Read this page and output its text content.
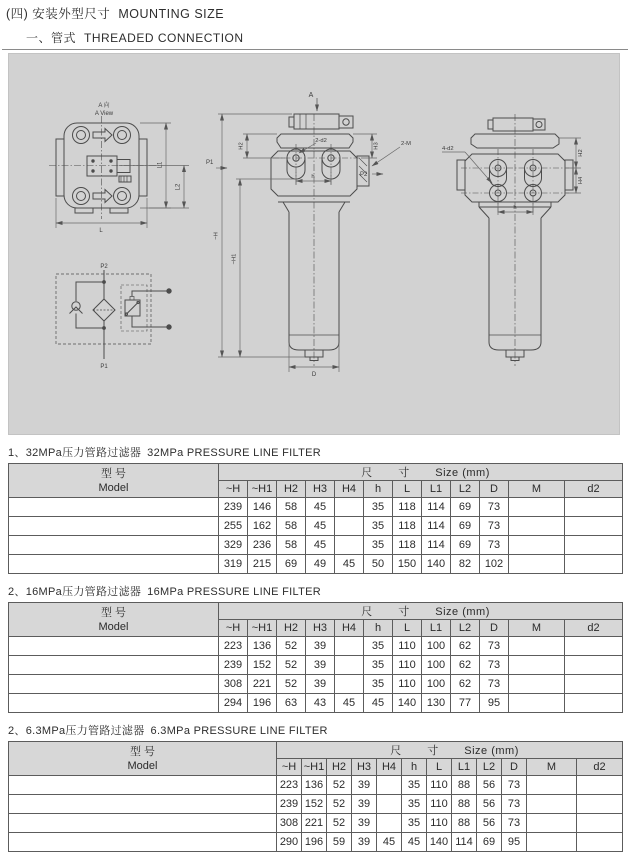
(四) 安装外型尺寸 MOUNTING SIZE
一、管式 THREADED CONNECTION
A 向
A View
L1
L2
L
P2
P1
A
2-d2
H2
P1
~H
~H1
h
H3	2-M
P2
D
4-d2
H2
H4
h
1、32MPa压力管路过滤器 32MPa PRESSURE LINE FILTER
型 号
Model	尺寸Size (mm)											
	~H	~H1	H2	H3	H4	h	L	L1	L2	D	M	d2
	239	146	58	45		35	118	114	69	73		
	255	162	58	45		35	118	114	69	73		
	329	236	58	45		35	118	114	69	73		
	319	215	69	49	45	50	150	140	82	102		
2、16MPa压力管路过滤器 16MPa PRESSURE LINE FILTER
型 号
Model	尺寸Size (mm)											
	~H	~H1	H2	H3	H4	h	L	L1	L2	D	M	d2
	223	136	52	39		35	110	100	62	73		
	239	152	52	39		35	110	100	62	73		
	308	221	52	39		35	110	100	62	73		
	294	196	63	43	45	45	140	130	77	95		
2、6.3MPa压力管路过滤器 6.3MPa PRESSURE LINE FILTER
型 号
Model	尺寸Size (mm)											
	~H	~H1	H2	H3	H4	h	L	L1	L2	D	M	d2
	223	136	52	39		35	110	88	56	73		
	239	152	52	39		35	110	88	56	73		
	308	221	52	39		35	110	88	56	73		
	290	196	59	39	45	45	140	114	69	95		
